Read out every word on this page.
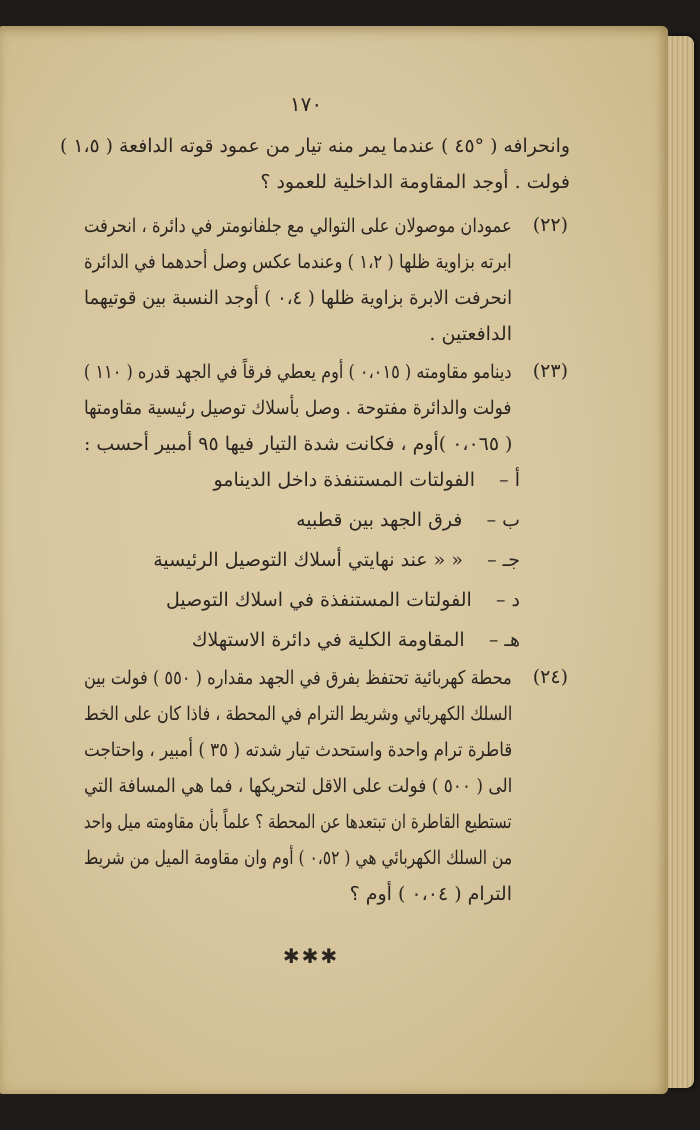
١٧٠
وانحرافه ( °٤٥ ) عندما يمر منه تيار من عمود قوته الدافعة ( ١،٥ )
فولت . أوجد المقاومة الداخلية للعمود ؟
(٢٢)
عمودان موصولان على التوالي مع جلفانومتر في دائرة ، انحرفت
ابرته بزاوية ظلها ( ١،٢ ) وعندما عكس وصل أحدهما في الدائرة
انحرفت الابرة بزاوية ظلها ( ٠،٤ ) أوجد النسبة بين قوتيهما
الدافعتين .
(٢٣)
دينامو مقاومته ( ٠،٠١٥ ) أوم يعطي فرقاً في الجهد قدره ( ١١٠ )
فولت والدائرة مفتوحة . وصل بأسلاك توصيل رئيسية مقاومتها
( ٠،٠٦٥ )أوم ، فكانت شدة التيار فيها ٩٥ أمبير أحسب :
أ –    الفولتات المستنفذة داخل الدينامو
ب –    فرق الجهد بين قطبيه
جـ –    « « عند نهايتي أسلاك التوصيل الرئيسية
د –    الفولتات المستنفذة في اسلاك التوصيل
هـ –    المقاومة الكلية في دائرة الاستهلاك
(٢٤)
محطة كهربائية تحتفظ بفرق في الجهد مقداره ( ٥٥٠ ) فولت بين
السلك الكهربائي وشريط الترام في المحطة ، فاذا كان على الخط
قاطرة ترام واحدة واستحدث تيار شدته ( ٣٥ ) أمبير ، واحتاجت
الى ( ٥٠٠ ) فولت على الاقل لتحريكها ، فما هي المسافة التي
تستطيع القاطرة ان تبتعدها عن المحطة ؟ علماً بأن مقاومته ميل واحد
من السلك الكهربائي هي ( ٠،٥٢ ) أوم وان مقاومة الميل من شريط
الترام ( ٠،٠٤ ) أوم ؟
✱✱✱
